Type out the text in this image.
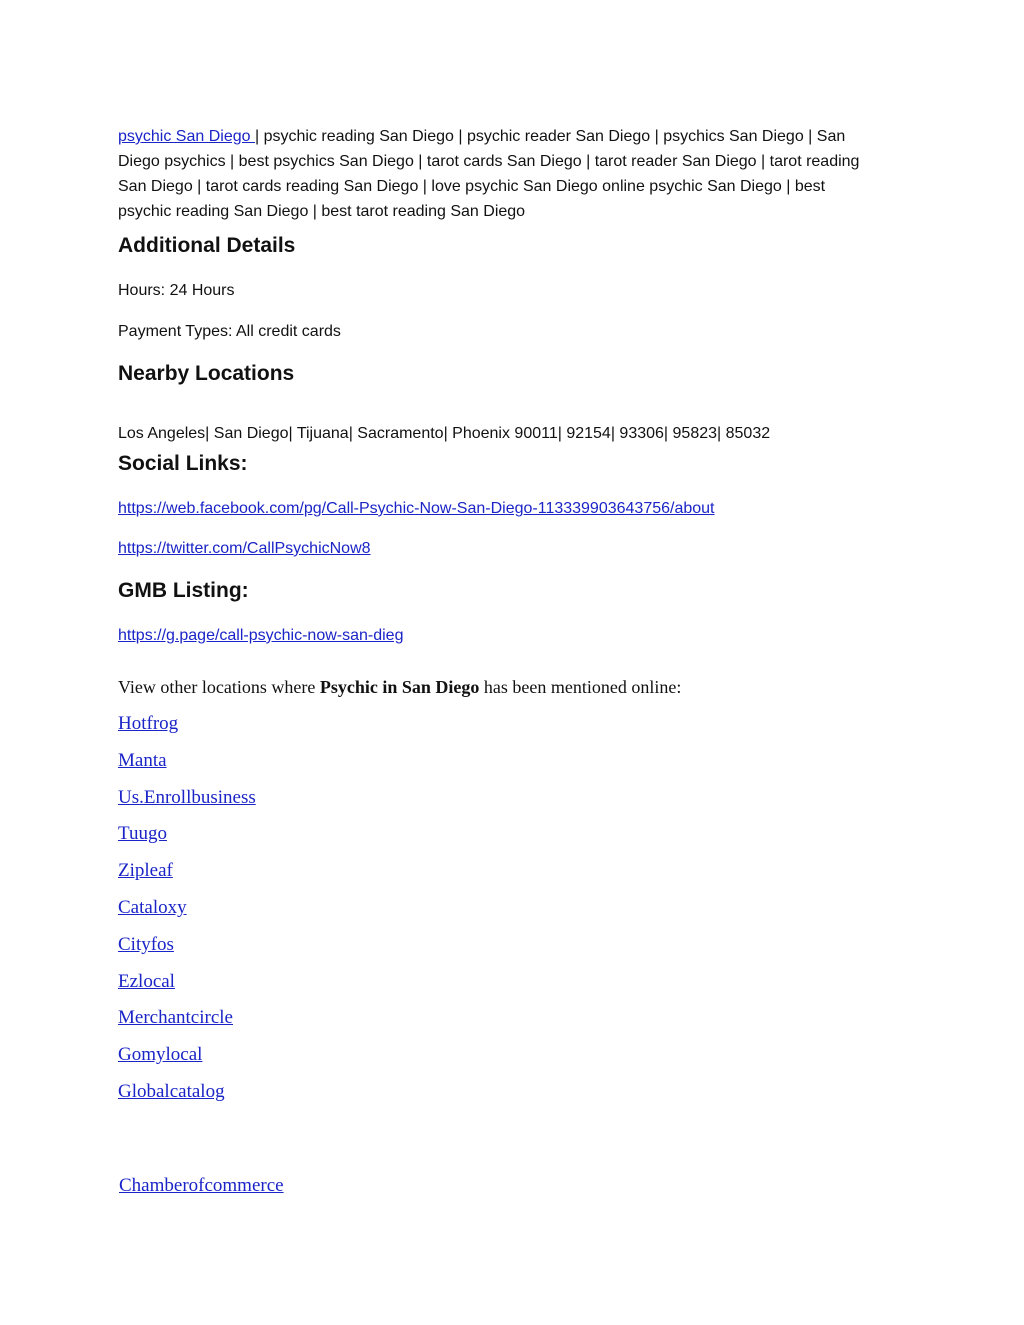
psychic San Diego | psychic reading San Diego | psychic reader San Diego | psychics San Diego | San Diego psychics | best psychics San Diego | tarot cards San Diego | tarot reader San Diego | tarot reading San Diego | tarot cards reading San Diego | love psychic San Diego online psychic San Diego | best psychic reading San Diego | best tarot reading San Diego
Additional Details
Hours: 24 Hours
Payment Types: All credit cards
Nearby Locations
Los Angeles| San Diego| Tijuana| Sacramento| Phoenix 90011| 92154| 93306| 95823| 85032
Social Links:
https://web.facebook.com/pg/Call-Psychic-Now-San-Diego-113339903643756/about
https://twitter.com/CallPsychicNow8
GMB Listing:
https://g.page/call-psychic-now-san-dieg
View other locations where Psychic in San Diego has been mentioned online:
Hotfrog
Manta
Us.Enrollbusiness
Tuugo
Zipleaf
Cataloxy
Cityfos
Ezlocal
Merchantcircle
Gomylocal
Globalcatalog
Chamberofcommerce
